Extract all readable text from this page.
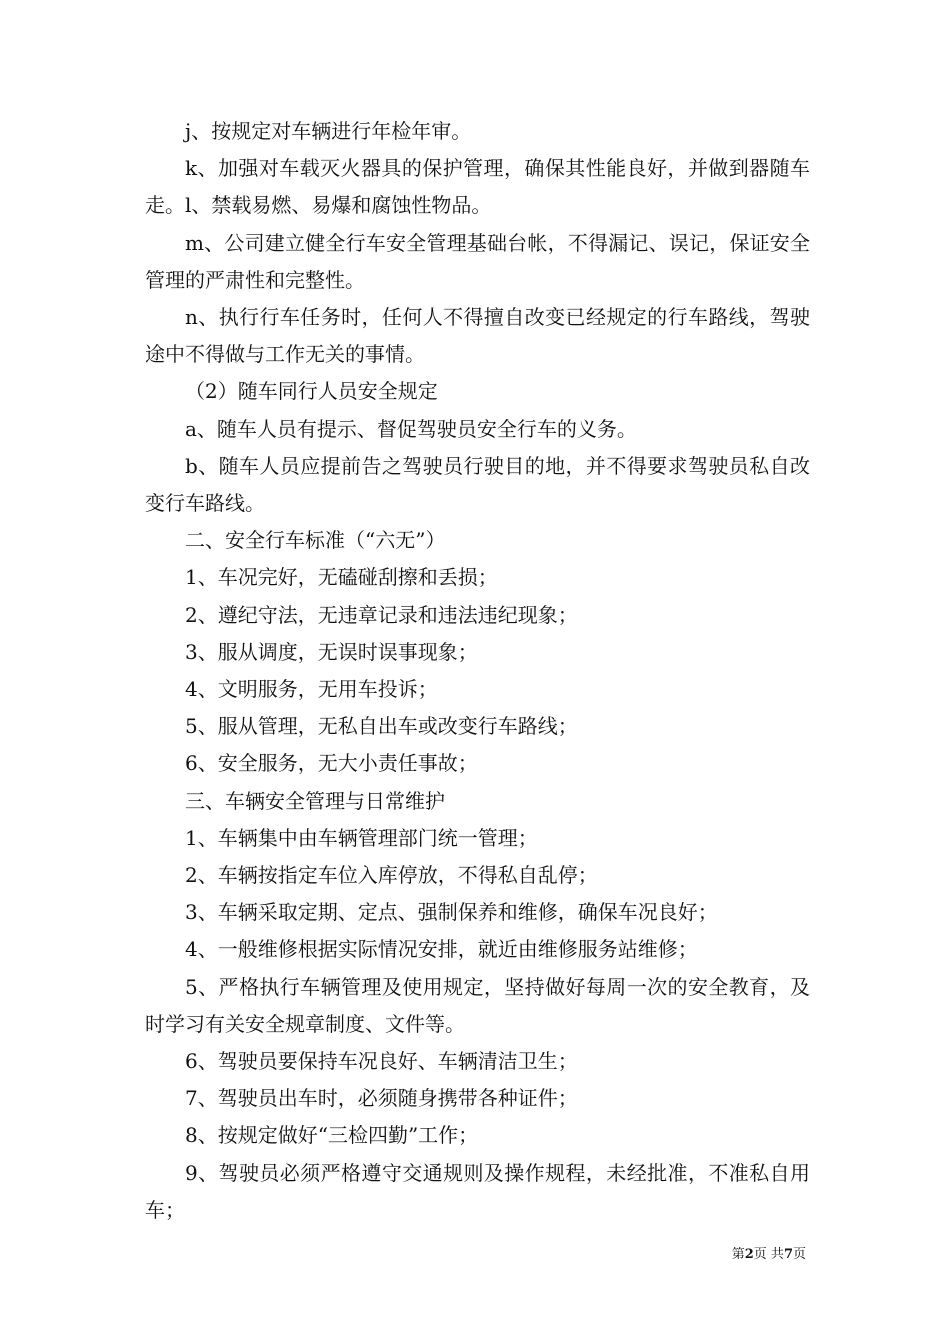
j、按规定对车辆进行年检年审。

k、加强对车载灭火器具的保护管理，确保其性能良好，并做到器随车走。l、禁载易燃、易爆和腐蚀性物品。

m、公司建立健全行车安全管理基础台帐，不得漏记、误记，保证安全管理的严肃性和完整性。

n、执行行车任务时，任何人不得擅自改变已经规定的行车路线，驾驶途中不得做与工作无关的事情。

（2）随车同行人员安全规定

a、随车人员有提示、督促驾驶员安全行车的义务。

b、随车人员应提前告之驾驶员行驶目的地，并不得要求驾驶员私自改变行车路线。

二、安全行车标准（“六无”）

1、车况完好，无磕碰刮擦和丢损；

2、遵纪守法，无违章记录和违法违纪现象；

3、服从调度，无误时误事现象；

4、文明服务，无用车投诉；

5、服从管理，无私自出车或改变行车路线；

6、安全服务，无大小责任事故；

三、车辆安全管理与日常维护

1、车辆集中由车辆管理部门统一管理；

2、车辆按指定车位入库停放，不得私自乱停；

3、车辆采取定期、定点、强制保养和维修，确保车况良好；

4、一般维修根据实际情况安排，就近由维修服务站维修；

5、严格执行车辆管理及使用规定，坚持做好每周一次的安全教育，及时学习有关安全规章制度、文件等。

6、驾驶员要保持车况良好、车辆清洁卫生；

7、驾驶员出车时，必须随身携带各种证件；

8、按规定做好“三检四勤”工作；

9、驾驶员必须严格遵守交通规则及操作规程，未经批准，不准私自用车；

第2页 共7页
